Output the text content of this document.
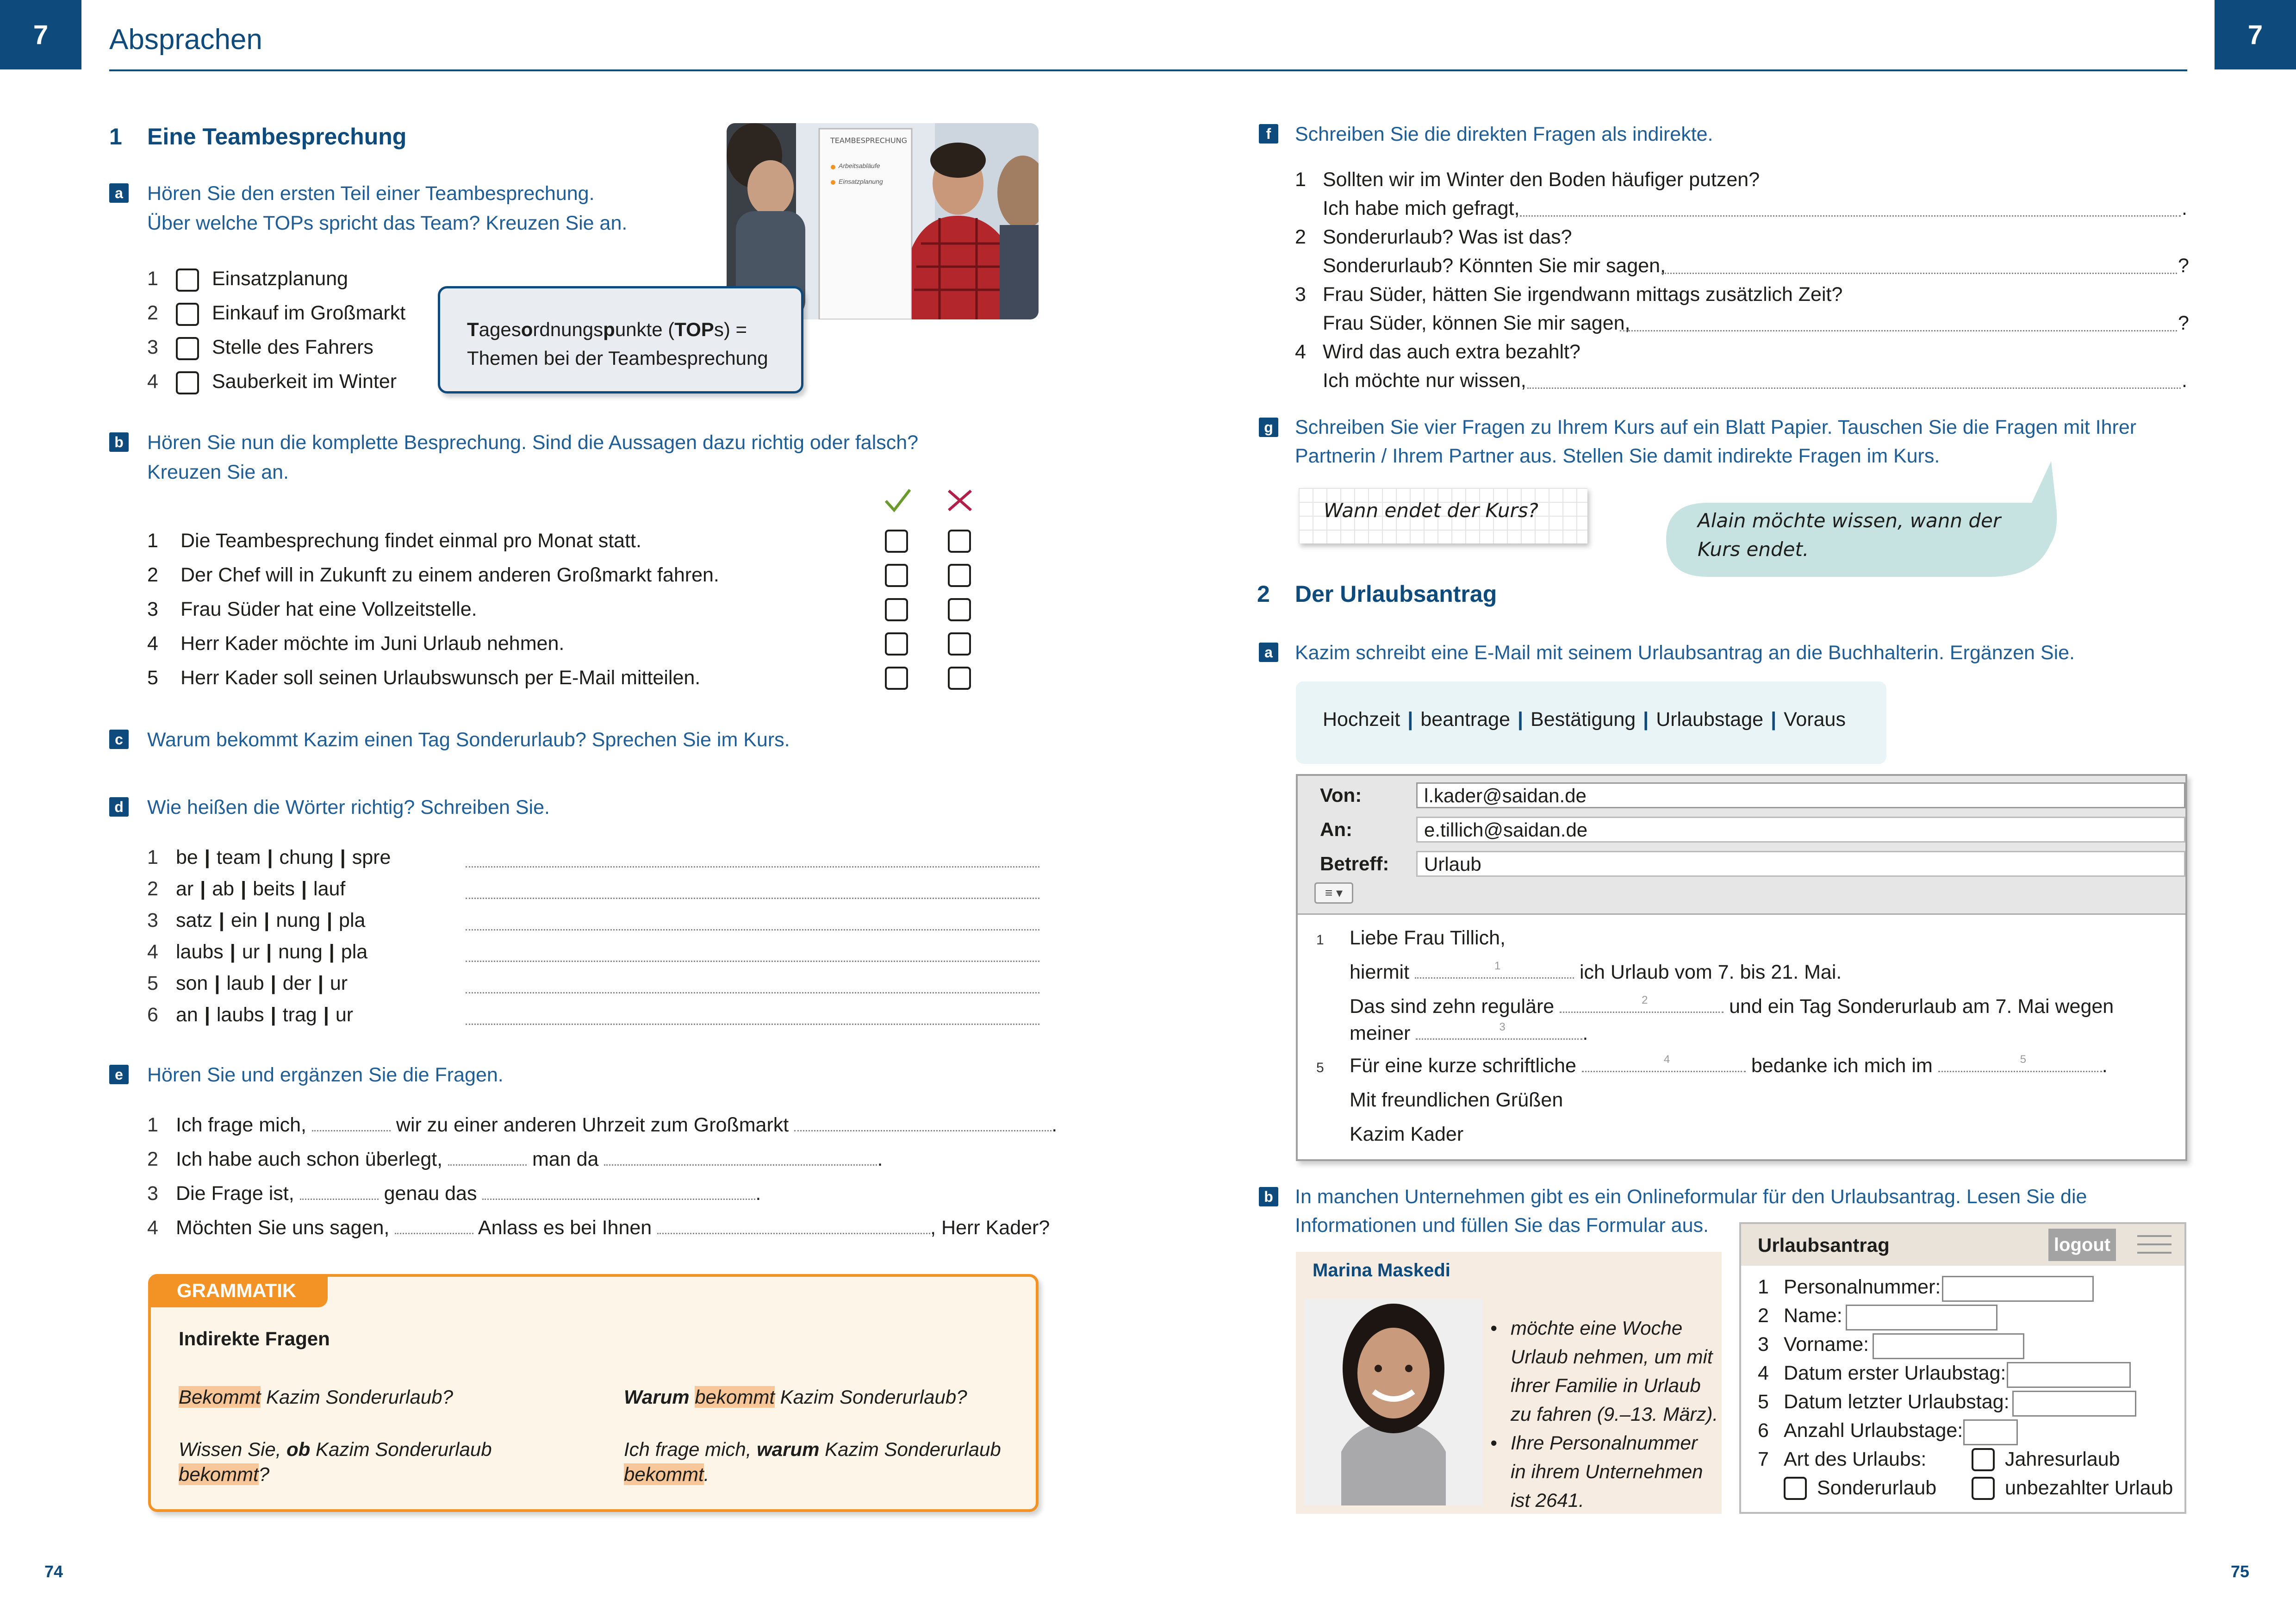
7	7
Absprachen
1 Eine Teambesprechung
a Hören Sie den ersten Teil einer Teambesprechung.
Über welche TOPs spricht das Team? Kreuzen Sie an.
1	Einsatzplanung
2	Einkauf im Großmarkt
3	Stelle des Fahrers
4	Sauberkeit im Winter
TEAMBESPRECHUNG
Arbeitsabläufe
Einsatzplanung
Tagesordnungspunkte (TOPs) =
Themen bei der Teambesprechung
b Hören Sie nun die komplette Besprechung. Sind die Aussagen dazu richtig oder falsch?
Kreuzen Sie an.
1 Die Teambesprechung findet einmal pro Monat statt.
2 Der Chef will in Zukunft zu einem anderen Großmarkt fahren.
3 Frau Süder hat eine Vollzeitstelle.
4 Herr Kader möchte im Juni Urlaub nehmen.
5 Herr Kader soll seinen Urlaubswunsch per E-Mail mitteilen.
c Warum bekommt Kazim einen Tag Sonderurlaub? Sprechen Sie im Kurs.
d Wie heißen die Wörter richtig? Schreiben Sie.
1 be | team | chung | spre
2 ar | ab | beits | lauf
3 satz | ein | nung | pla
4 laubs | ur | nung | pla
5 son | laub | der | ur
6 an | laubs | trag | ur
e Hören Sie und ergänzen Sie die Fragen.
1 Ich frage mich,	wir zu einer anderen Uhrzeit zum Großmarkt	.
2 Ich habe auch schon überlegt,	man da	.
3 Die Frage ist,	genau das	.
4 Möchten Sie uns sagen,	Anlass es bei Ihnen	, Herr Kader?
GRAMMATIK
Indirekte Fragen
Bekommt Kazim Sonderurlaub?	Warum bekommt Kazim Sonderurlaub?
Wissen Sie, ob Kazim Sonderurlaub
bekommt?
Ich frage mich, warum Kazim Sonderurlaub
bekommt.
74
f	Schreiben Sie die direkten Fragen als indirekte.
1 Sollten wir im Winter den Boden häufiger putzen?
Ich habe mich gefragt,	.
2 Sonderurlaub? Was ist das?
Sonderurlaub? Könnten Sie mir sagen,	?
3 Frau Süder, hätten Sie irgendwann mittags zusätzlich Zeit?
Frau Süder, können Sie mir sagen,	?
4 Wird das auch extra bezahlt?
Ich möchte nur wissen,	.
g Schreiben Sie vier Fragen zu Ihrem Kurs auf ein Blatt Papier. Tauschen Sie die Fragen mit Ihrer
Partnerin / Ihrem Partner aus. Stellen Sie damit indirekte Fragen im Kurs.
Wann endet der Kurs?	Alain möchte wissen, wann der
Kurs endet.
2 Der Urlaubsantrag
a Kazim schreibt eine E-Mail mit seinem Urlaubsantrag an die Buchhalterin. Ergänzen Sie.
Hochzeit | beantrage | Bestätigung | Urlaubstage | Voraus
Von:	l.kader@saidan.de
An:	e.tillich@saidan.de
Betreff:	Urlaub
≡ ▾
1 Liebe Frau Tillich,
hiermit	1	ich Urlaub vom 7. bis 21. Mai.
Das sind zehn reguläre	2	und ein Tag Sonderurlaub am 7. Mai wegen
meiner	3	.
5 Für eine kurze schriftliche	4	bedanke ich mich im	5	.
Mit freundlichen Grüßen
Kazim Kader
b In manchen Unternehmen gibt es ein Onlineformular für den Urlaubsantrag. Lesen Sie die
Informationen und füllen Sie das Formular aus.
Marina Maskedi
• möchte eine Woche
Urlaub nehmen, um mit
ihrer Familie in Urlaub
zu fahren (9.–13. März).
• Ihre Personalnummer
in ihrem Unternehmen
ist 2641.
Urlaubsantrag	logout
1 Personalnummer:
2 Name:
3 Vorname:
4 Datum erster Urlaubstag:
5 Datum letzter Urlaubstag:
6 Anzahl Urlaubstage:
7 Art des Urlaubs:	Jahresurlaub
Sonderurlaub	unbezahlter Urlaub
75
